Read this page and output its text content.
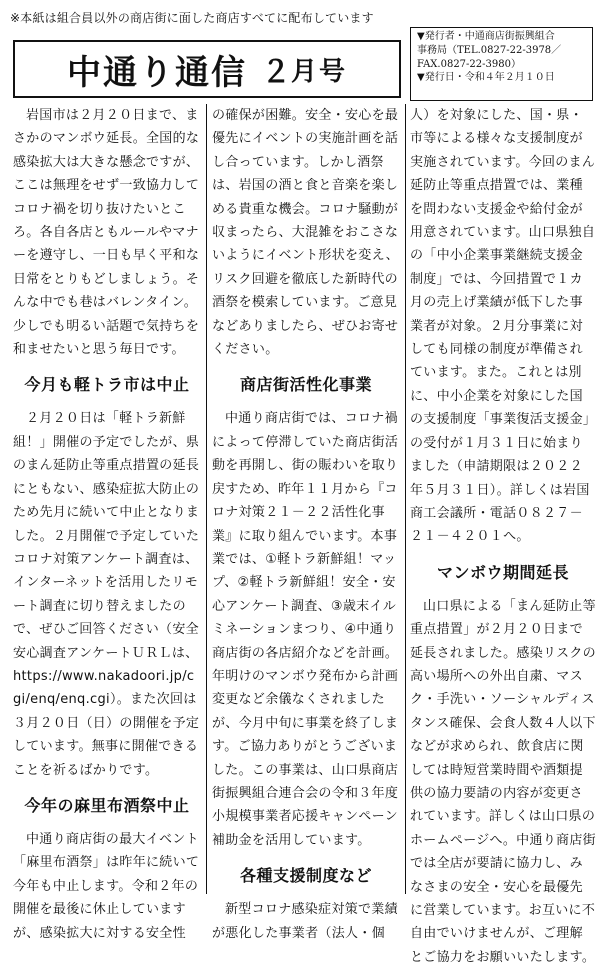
※本紙は組合員以外の商店街に面した商店すべてに配布しています
中通り通信 ２ 月号
▼発行者・中通商店街振興組合
事務局（TEL.0827-22-3978／
FAX.0827-22-3980）
▼発行日・令和４年２月１０日

岩国市は２月２０日まで、まさかのマンボウ延長。全国的な感染拡大は大きな懸念ですが、ここは無理をせず一致協力してコロナ禍を切り抜けたいところ。各自各店ともルールやマナーを遵守し、一日も早く平和な日常をとりもどしましょう。そんな中でも巷はバレンタイン。少しでも明るい話題で気持ちを和ませたいと思う毎日です。

今月も軽トラ市は中止

２月２０日は「軽トラ新鮮組！」開催の予定でしたが、県のまん延防止等重点措置の延長にともない、感染症拡大防止のため先月に続いて中止となりました。２月開催で予定していたコロナ対策アンケート調査は、インターネットを活用したリモート調査に切り替えましたので、ぜひご回答ください（安全安心調査アンケートＵＲＬは、https://www.nakadoori.jp/cgi/enq/enq.cgi）。また次回は３月２０日（日）の開催を予定しています。無事に開催できることを祈るばかりです。

今年の麻里布酒祭中止

中通り商店街の最大イベント「麻里布酒祭」は昨年に続いて今年も中止します。令和２年の開催を最後に休止していますが、感染拡大に対する安全性

の確保が困難。安全・安心を最優先にイベントの実施計画を話し合っています。しかし酒祭は、岩国の酒と食と音楽を楽しめる貴重な機会。コロナ騒動が収まったら、大混雑をおこさないようにイベント形状を変え、リスク回避を徹底した新時代の酒祭を模索しています。ご意見などありましたら、ぜひお寄せください。

商店街活性化事業

中通り商店街では、コロナ禍によって停滞していた商店街活動を再開し、街の賑わいを取り戻すため、昨年１１月から『コロナ対策２１－２２活性化事業』に取り組んでいます。本事業では、①軽トラ新鮮組！マップ、②軽トラ新鮮組！安全・安心アンケート調査、③歳末イルミネーションまつり、④中通り商店街の各店紹介などを計画。年明けのマンボウ発布から計画変更など余儀なくされましたが、今月中旬に事業を終了します。ご協力ありがとうございました。この事業は、山口県商店街振興組合連合会の令和３年度小規模事業者応援キャンペーン補助金を活用しています。

各種支援制度など

新型コロナ感染症対策で業績が悪化した事業者（法人・個

人）を対象にした、国・県・市等による様々な支援制度が実施されています。今回のまん延防止等重点措置では、業種を問わない支援金や給付金が用意されています。山口県独自の「中小企業事業継続支援金制度」では、今回措置で１カ月の売上げ業績が低下した事業者が対象。２月分事業に対しても同様の制度が準備されています。また。これとは別に、中小企業を対象にした国の支援制度「事業復活支援金」の受付が１月３１日に始まりました（申請期限は２０２２年５月３１日）。詳しくは岩国商工会議所・電話０８２７－２１－４２０１へ。

マンボウ期間延長

山口県による「まん延防止等重点措置」が２月２０日まで延長されました。感染リスクの高い場所への外出自粛、マスク・手洗い・ソーシャルディスタンス確保、会食人数４人以下などが求められ、飲食店に関しては時短営業時間や酒類提供の協力要請の内容が変更されています。詳しくは山口県のホームページへ。中通り商店街では全店が要請に協力し、みなさまの安全・安心を最優先に営業しています。お互いに不自由でいけませんが、ご理解とご協力をお願いいたします。
